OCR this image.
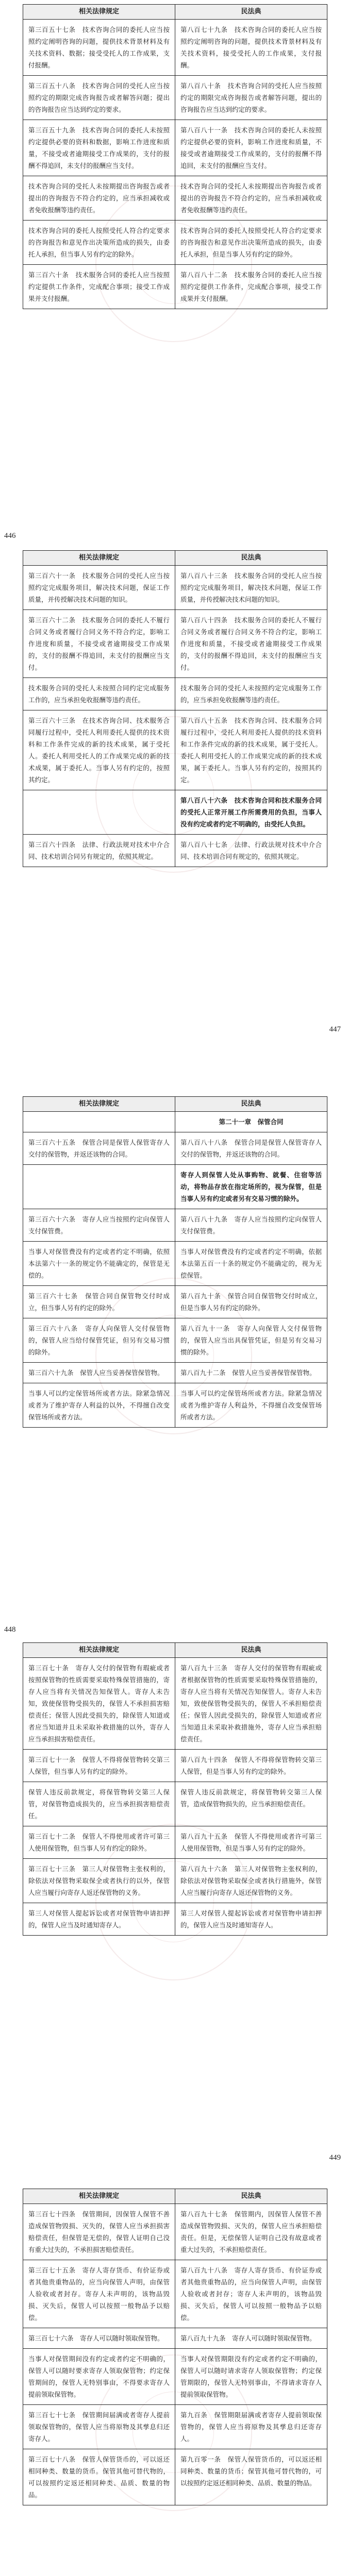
相关法律规定	民法典
第三百五十七条　技术咨询合同的委托人应当按照约定阐明咨询的问题，提供技术背景材料及有关技术资料、数据；接受受托人的工作成果，支付报酬。	第八百七十九条　技术咨询合同的委托人应当按照约定阐明咨询的问题，提供技术背景材料及有关技术资料，接受受托人的工作成果，支付报酬。
第三百五十八条　技术咨询合同的受托人应当按照约定的期限完成咨询报告或者解答问题；提出的咨询报告应当达到约定的要求。	第八百八十条　技术咨询合同的受托人应当按照约定的期限完成咨询报告或者解答问题，提出的咨询报告应当达到约定的要求。
第三百五十九条　技术咨询合同的委托人未按照约定提供必要的资料和数据，影响工作进度和质量，不接受或者逾期接受工作成果的，支付的报酬不得追回，未支付的报酬应当支付。	第八百八十一条　技术咨询合同的委托人未按照约定提供必要的资料，影响工作进度和质量，不接受或者逾期接受工作成果的，支付的报酬不得追回，未支付的报酬应当支付。
技术咨询合同的受托人未按期提出咨询报告或者提出的咨询报告不符合约定的，应当承担减收或者免收报酬等违约责任。	技术咨询合同的受托人未按期提出咨询报告或者提出的咨询报告不符合约定的，应当承担减收或者免收报酬等违约责任。
技术咨询合同的委托人按照受托人符合约定要求的咨询报告和意见作出决策所造成的损失，由委托人承担，但当事人另有约定的除外。	技术咨询合同的委托人按照受托人符合约定要求的咨询报告和意见作出决策所造成的损失，由委托人承担，但是当事人另有约定的除外。
第三百六十条　技术服务合同的委托人应当按照约定提供工作条件，完成配合事项；接受工作成果并支付报酬。	第八百八十二条　技术服务合同的委托人应当按照约定提供工作条件，完成配合事项，接受工作成果并支付报酬。
446
相关法律规定	民法典
第三百六十一条　技术服务合同的受托人应当按照约定完成服务项目，解决技术问题，保证工作质量，并传授解决技术问题的知识。	第八百八十三条　技术服务合同的受托人应当按照约定完成服务项目，解决技术问题，保证工作质量，并传授解决技术问题的知识。
第三百六十二条　技术服务合同的委托人不履行合同义务或者履行合同义务不符合约定，影响工作进度和质量，不接受或者逾期接受工作成果的，支付的报酬不得追回，未支付的报酬应当支付。	第八百八十四条　技术服务合同的委托人不履行合同义务或者履行合同义务不符合约定，影响工作进度和质量，不接受或者逾期接受工作成果的，支付的报酬不得追回，未支付的报酬应当支付。
技术服务合同的受托人未按照合同约定完成服务工作的，应当承担免收报酬等违约责任。	技术服务合同的受托人未按照约定完成服务工作的，应当承担免收报酬等违约责任。
第三百六十三条　在技术咨询合同、技术服务合同履行过程中，受托人利用委托人提供的技术资料和工作条件完成的新的技术成果，属于受托人。委托人利用受托人的工作成果完成的新的技术成果，属于委托人。当事人另有约定的，按照其约定。	第八百八十五条　技术咨询合同、技术服务合同履行过程中，受托人利用委托人提供的技术资料和工作条件完成的新的技术成果，属于受托人。委托人利用受托人的工作成果完成的新的技术成果，属于委托人。当事人另有约定的，按照其约定。
	第八百八十六条　技术咨询合同和技术服务合同的受托人正常开展工作所需费用的负担，当事人没有约定或者约定不明确的，由受托人负担。
第三百六十四条　法律、行政法规对技术中介合同、技术培训合同另有规定的，依照其规定。	第八百八十七条　法律、行政法规对技术中介合同、技术培训合同有规定的，依照其规定。
447
相关法律规定	民法典
	第二十一章　保管合同
第三百六十五条　保管合同是保管人保管寄存人交付的保管物，并返还该物的合同。	第八百八十八条　保管合同是保管人保管寄存人交付的保管物，并返还该物的合同。
	寄存人到保管人处从事购物、就餐、住宿等活动，将物品存放在指定场所的，视为保管，但是当事人另有约定或者另有交易习惯的除外。
第三百六十六条　寄存人应当按照约定向保管人支付保管费。	第八百八十九条　寄存人应当按照约定向保管人支付保管费。
当事人对保管费没有约定或者约定不明确，依照本法第六十一条的规定仍不能确定的，保管是无偿的。	当事人对保管费没有约定或者约定不明确，依据本法第五百一十条的规定仍不能确定的，视为无偿保管。
第三百六十七条　保管合同自保管物交付时成立，但当事人另有约定的除外。	第八百九十条　保管合同自保管物交付时成立，但是当事人另有约定的除外。
第三百六十八条　寄存人向保管人交付保管物的，保管人应当给付保管凭证，但另有交易习惯的除外。	第八百九十一条　寄存人向保管人交付保管物的，保管人应当出具保管凭证，但是另有交易习惯的除外。
第三百六十九条　保管人应当妥善保管保管物。	第八百九十二条　保管人应当妥善保管保管物。
当事人可以约定保管场所或者方法。除紧急情况或者为了维护寄存人利益的以外，不得擅自改变保管场所或者方法。	当事人可以约定保管场所或者方法。除紧急情况或者为维护寄存人利益外，不得擅自改变保管场所或者方法。
448
相关法律规定	民法典
第三百七十条　寄存人交付的保管物有瑕疵或者按照保管物的性质需要采取特殊保管措施的，寄存人应当将有关情况告知保管人。寄存人未告知，致使保管物受损失的，保管人不承担损害赔偿责任；保管人因此受损失的，除保管人知道或者应当知道并且未采取补救措施的以外，寄存人应当承担损害赔偿责任。	第八百九十三条　寄存人交付的保管物有瑕疵或者根据保管物的性质需要采取特殊保管措施的，寄存人应当将有关情况告知保管人。寄存人未告知，致使保管物受损失的，保管人不承担赔偿责任；保管人因此受损失的，除保管人知道或者应当知道且未采取补救措施外，寄存人应当承担赔偿责任。
第三百七十一条　保管人不得将保管物转交第三人保管，但当事人另有约定的除外。	第八百九十四条　保管人不得将保管物转交第三人保管，但是当事人另有约定的除外。
保管人违反前款规定，将保管物转交第三人保管，对保管物造成损失的，应当承担损害赔偿责任。	保管人违反前款规定，将保管物转交第三人保管，造成保管物损失的，应当承担赔偿责任。
第三百七十二条　保管人不得使用或者许可第三人使用保管物，但当事人另有约定的除外。	第八百九十五条　保管人不得使用或者许可第三人使用保管物，但是当事人另有约定的除外。
第三百七十三条　第三人对保管物主张权利的，除依法对保管物采取保全或者执行的以外，保管人应当履行向寄存人返还保管物的义务。	第八百九十六条　第三人对保管物主张权利的，除依法对保管物采取保全或者执行措施外，保管人应当履行向寄存人返还保管物的义务。
第三人对保管人提起诉讼或者对保管物申请扣押的，保管人应当及时通知寄存人。	第三人对保管人提起诉讼或者对保管物申请扣押的，保管人应当及时通知寄存人。
449
相关法律规定	民法典
第三百七十四条　保管期间，因保管人保管不善造成保管物毁损、灭失的，保管人应当承担损害赔偿责任，但保管是无偿的，保管人证明自己没有重大过失的，不承担损害赔偿责任。	第八百九十七条　保管期内，因保管人保管不善造成保管物毁损、灭失的，保管人应当承担赔偿责任。但是，无偿保管人证明自己没有故意或者重大过失的，不承担赔偿责任。
第三百七十五条　寄存人寄存货币、有价证券或者其他贵重物品的，应当向保管人声明，由保管人验收或者封存。寄存人未声明的，该物品毁损、灭失后，保管人可以按照一般物品予以赔偿。	第八百九十八条　寄存人寄存货币、有价证券或者其他贵重物品的，应当向保管人声明，由保管人验收或者封存；寄存人未声明的，该物品毁损、灭失后，保管人可以按照一般物品予以赔偿。
第三百七十六条　寄存人可以随时领取保管物。	第八百九十九条　寄存人可以随时领取保管物。
当事人对保管期间没有约定或者约定不明确的，保管人可以随时要求寄存人领取保管物；约定保管期间的，保管人无特别事由，不得要求寄存人提前领取保管物。	当事人对保管期限没有约定或者约定不明确的，保管人可以随时请求寄存人领取保管物；约定保管期限的，保管人无特别事由，不得请求寄存人提前领取保管物。
第三百七十七条　保管期间届满或者寄存人提前领取保管物的，保管人应当将原物及其孳息归还寄存人。	第九百条　保管期限届满或者寄存人提前领取保管物的，保管人应当将原物及其孳息归还寄存人。
第三百七十八条　保管人保管货币的，可以返还相同种类、数量的货币。保管其他可替代物的，可以按照约定返还相同种类、品质、数量的物品。	第九百零一条　保管人保管货币的，可以返还相同种类、数量的货币；保管其他可替代物的，可以按照约定返还相同种类、品质、数量的物品。
